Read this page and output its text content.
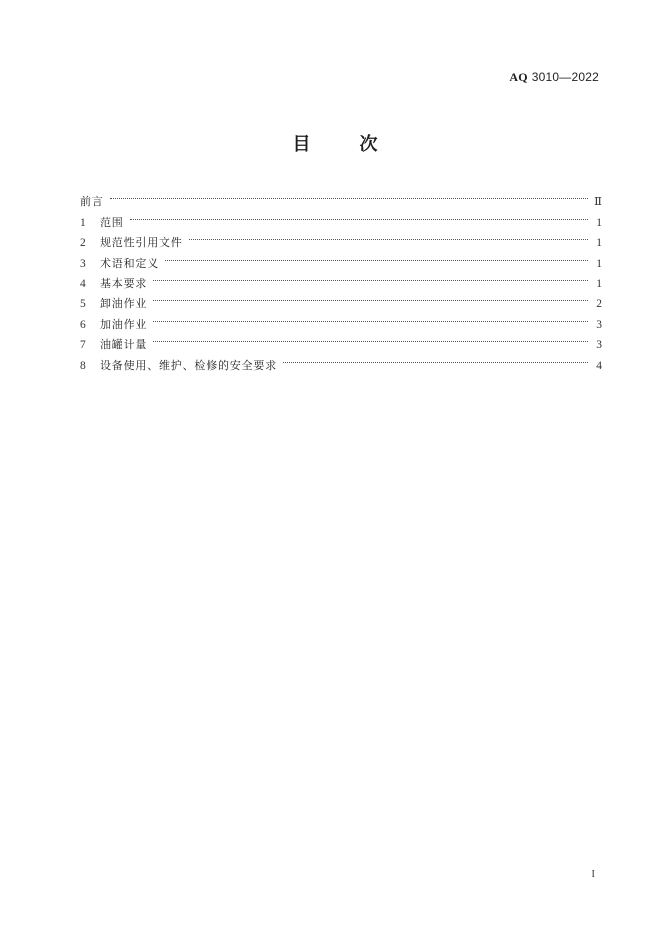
AQ 3010—2022
目	次
前言	Ⅱ
1	范围	1
2	规范性引用文件	1
3	术语和定义	1
4	基本要求	1
5	卸油作业	2
6	加油作业	3
7	油罐计量	3
8	设备使用、维护、检修的安全要求	4
I
